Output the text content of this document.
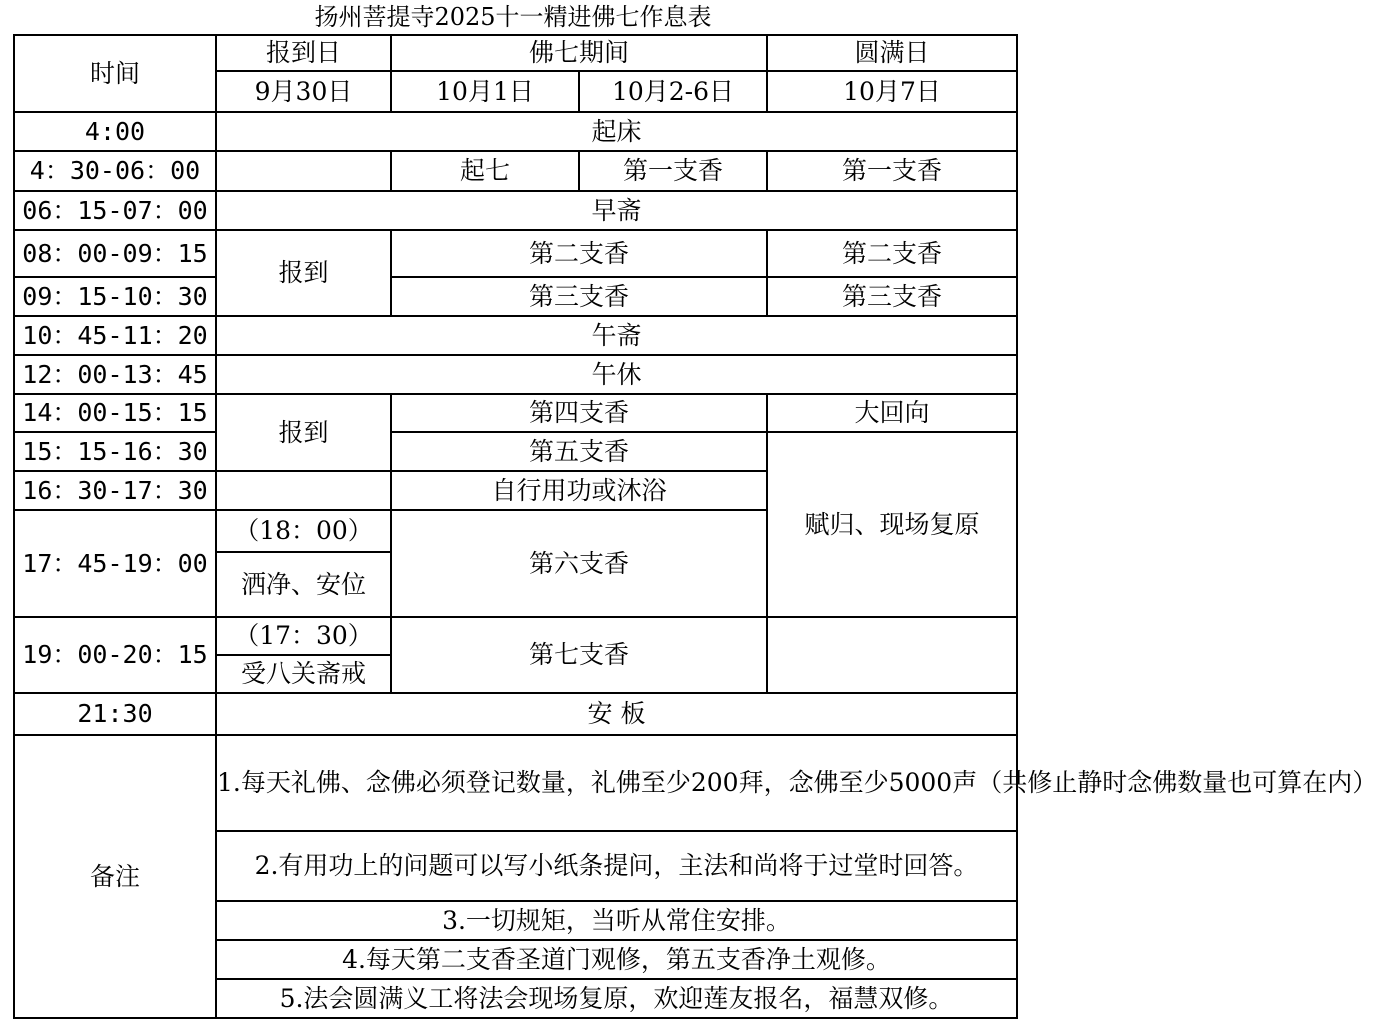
扬州菩提寺2025十一精进佛七作息表
时间	报到日	佛七期间		圆满日
	9月30日	10月1日	10月2-6日	10月7日
4:00	起床			
4：30-06：00		起七	第一支香	第一支香
06：15-07：00	早斋			
08：00-09：15	报到	第二支香		第二支香
09：15-10：30		第三支香		第三支香
10：45-11：20	午斋			
12：00-13：45	午休			
14：00-15：15	报到	第四支香		大回向
15：15-16：30		第五支香		赋归、现场复原
16：30-17：30		自行用功或沐浴		
17：45-19：00	（18：00）	第六支香		
	洒净、安位			
19：00-20：15	（17：30）	第七支香		
	受八关斋戒			
21:30	安 板			
备注	1.每天礼佛、念佛必须登记数量，礼佛至少200拜，念佛至少5000声（共修止静时念佛数量也可算在内）			
	2.有用功上的问题可以写小纸条提问，主法和尚将于过堂时回答。			
	3.一切规矩，当听从常住安排。			
	4.每天第二支香圣道门观修，第五支香净土观修。			
	5.法会圆满义工将法会现场复原，欢迎莲友报名，福慧双修。			
